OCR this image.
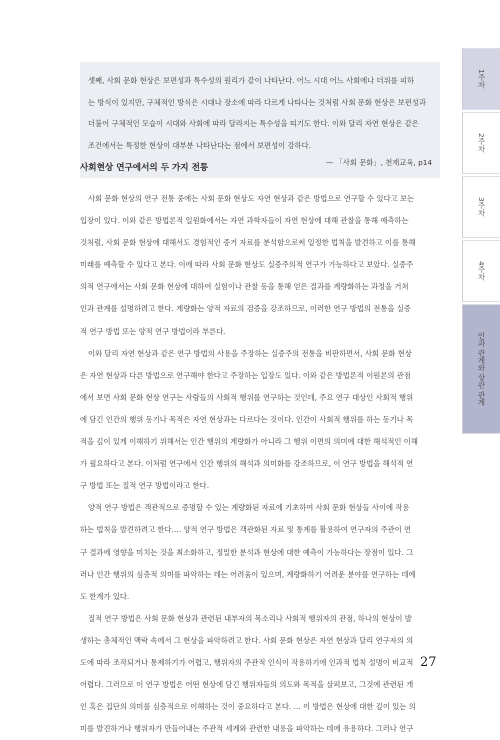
셋째, 사회 문화 현상은 보편성과 특수성의 원리가 같이 나타난다. 어느 시대 어느 사회에나 더위를 피하
는 방식이 있지만, 구체적인 방식은 시대나 장소에 따라 다르게 나타나는 것처럼 사회 문화 현상은 보편성과
더불어 구체적인 모습이 시대와 사회에 따라 달라지는 특수성을 띠기도 한다. 이와 달리 자연 현상은 같은
조건에서는 특정한 현상이 대부분 나타난다는 점에서 보편성이 강하다.
— 「사회 문화」, 천재교육, p14
사회현상 연구에서의 두 가지 전통
사회 문화 현상의 연구 전통 중에는 사회 문화 현상도 자연 현상과 같은 방법으로 연구할 수 있다고 보는
입장이 있다. 이와 같은 방법론적 일원화에서는 자연 과학자들이 자연 현상에 대해 관찰을 통해 예측하는
것처럼, 사회 문화 현상에 대해서도 경험적인 증거 자료를 분석함으로써 일정한 법칙을 발견하고 이를 통해
미래를 예측할 수 있다고 본다. 이에 따라 사회 문화 현상도 실증주의적 연구가 가능하다고 보았다. 실증주
의적 연구에서는 사회 문화 현상에 대하여 실험이나 관찰 등을 통해 얻은 결과를 계량화하는 과정을 거쳐
인과 관계를 설명하려고 한다. 계량화는 양적 자료의 검증을 강조하므로, 이러한 연구 방법의 전통을 실증
적 연구 방법 또는 양적 연구 방법이라 부른다.
이와 달리 자연 현상과 같은 연구 방법의 사용을 주장하는 실증주의 전통을 비판하면서, 사회 문화 현상
은 자연 현상과 다른 방법으로 연구해야 한다고 주장하는 입장도 있다. 이와 같은 방법론적 이원론의 관점
에서 보면 사회 문화 현상 연구는 사람들의 사회적 행위를 연구하는 것인데, 주요 연구 대상인 사회적 행위
에 담긴 인간의 행위 동기나 목적은 자연 현상과는 다르다는 것이다. 인간이 사회적 행위를 하는 동기나 목
적을 깊이 있게 이해하기 위해서는 인간 행위의 계량화가 아니라 그 행위 이면의 의미에 대한 해석적인 이해
가 필요하다고 본다. 이처럼 연구에서 인간 행위의 해석과 의미화를 강조하므로, 이 연구 방법을 해석적 연
구 방법 또는 질적 연구 방법이라고 한다.
양적 연구 방법은 객관적으로 증명할 수 있는 계량화된 자료에 기초하여 사회 문화 현상들 사이에 작용
하는 법칙을 발견하려고 한다.… 양적 연구 방법은 객관화된 자료 및 통계를 활용하여 연구자의 주관이 연
구 결과에 영향을 미치는 것을 최소화하고, 정밀한 분석과 현상에 대한 예측이 가능하다는 장점이 있다. 그
러나 인간 행위의 심층적 의미를 파악하는 데는 어려움이 있으며, 계량화하기 어려운 분야를 연구하는 데에
도 한계가 있다.
질적 연구 방법은 사회 문화 현상과 관련된 내부자의 목소리나 사회적 행위자의 관점, 하나의 현상이 발
생하는 총체적인 맥락 속에서 그 현상을 파악하려고 한다. 사회 문화 현상은 자연 현상과 달리 연구자의 의
도에 따라 조작되거나 통제하기가 어렵고, 행위자의 주관적 인식이 작용하기에 인과적 법칙 설명이 비교적
어렵다. 그러므로 이 연구 방법은 어떤 현상에 담긴 행위자들의 의도와 목적을 살펴보고, 그것에 관련된 개
인 혹은 집단의 의미를 심층적으로 이해하는 것이 중요하다고 본다. … 이 방법은 현상에 대한 깊이 있는 의
미를 발견하거나 행위자가 만들어내는 주관적 세계와 관련한 내용을 파악하는 데에 유용하다. 그러나 연구
27
1주차
2주차
3주차
4주차
인과 관계와 상관 관계
